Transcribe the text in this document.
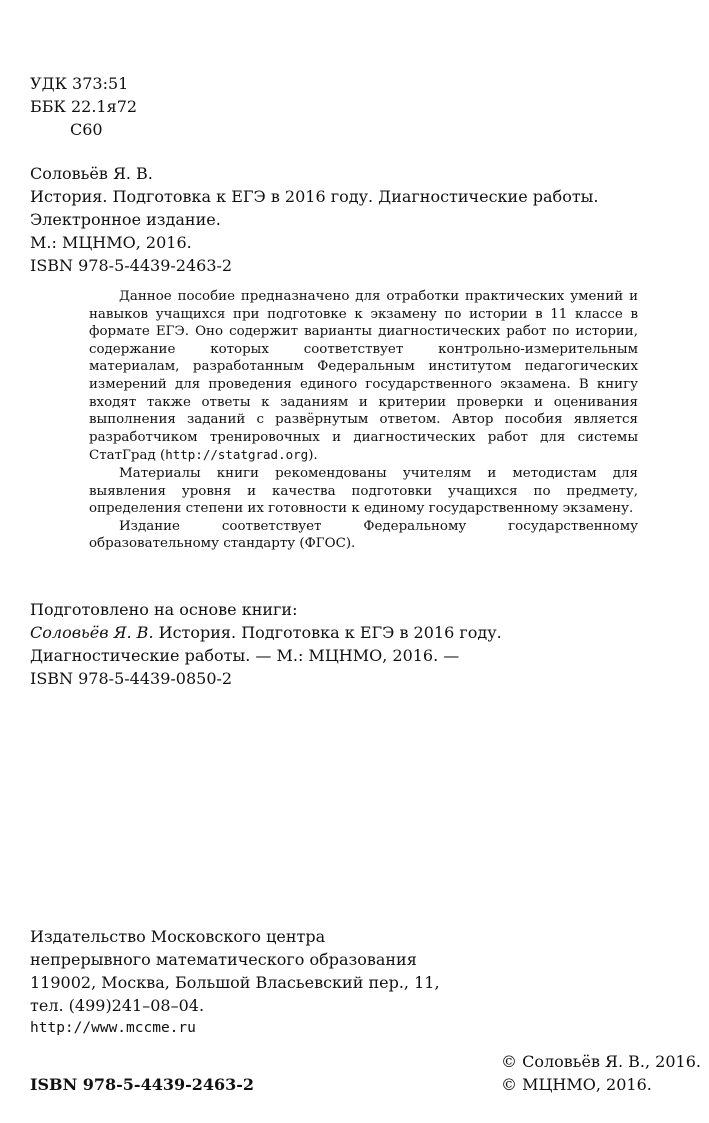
УДК 373:51
ББК 22.1я72
С60
Соловьёв Я. В.
История. Подготовка к ЕГЭ в 2016 году. Диагностические работы.
Электронное издание.
М.: МЦНМО, 2016.
ISBN 978-5-4439-2463-2

Данное пособие предназначено для отработки практических умений и навыков учащихся при подготовке к экзамену по истории в 11 классе в формате ЕГЭ. Оно содержит варианты диагностических работ по истории, содержание которых соответствует контрольно-измерительным материалам, разработанным Федеральным институтом педагогических измерений для проведения единого государственного экзамена. В книгу входят также ответы к заданиям и критерии проверки и оценивания выполнения заданий с развёрнутым ответом. Автор пособия является разработчиком тренировочных и диагностических работ для системы СтатГрад (http://statgrad.org).

Материалы книги рекомендованы учителям и методистам для выявления уровня и качества подготовки учащихся по предмету, определения степени их готовности к единому государственному экзамену.

Издание соответствует Федеральному государственному образовательному стандарту (ФГОС).

Подготовлено на основе книги:
Соловьёв Я. В. История. Подготовка к ЕГЭ в 2016 году.
Диагностические работы. — М.: МЦНМО, 2016. —
ISBN 978-5-4439-0850-2
Издательство Московского центра
непрерывного математического образования
119002, Москва, Большой Власьевский пер., 11,
тел. (499)241–08–04.
http://www.mccme.ru
ISBN 978-5-4439-2463-2
© Соловьёв Я. В., 2016.
© МЦНМО, 2016.
